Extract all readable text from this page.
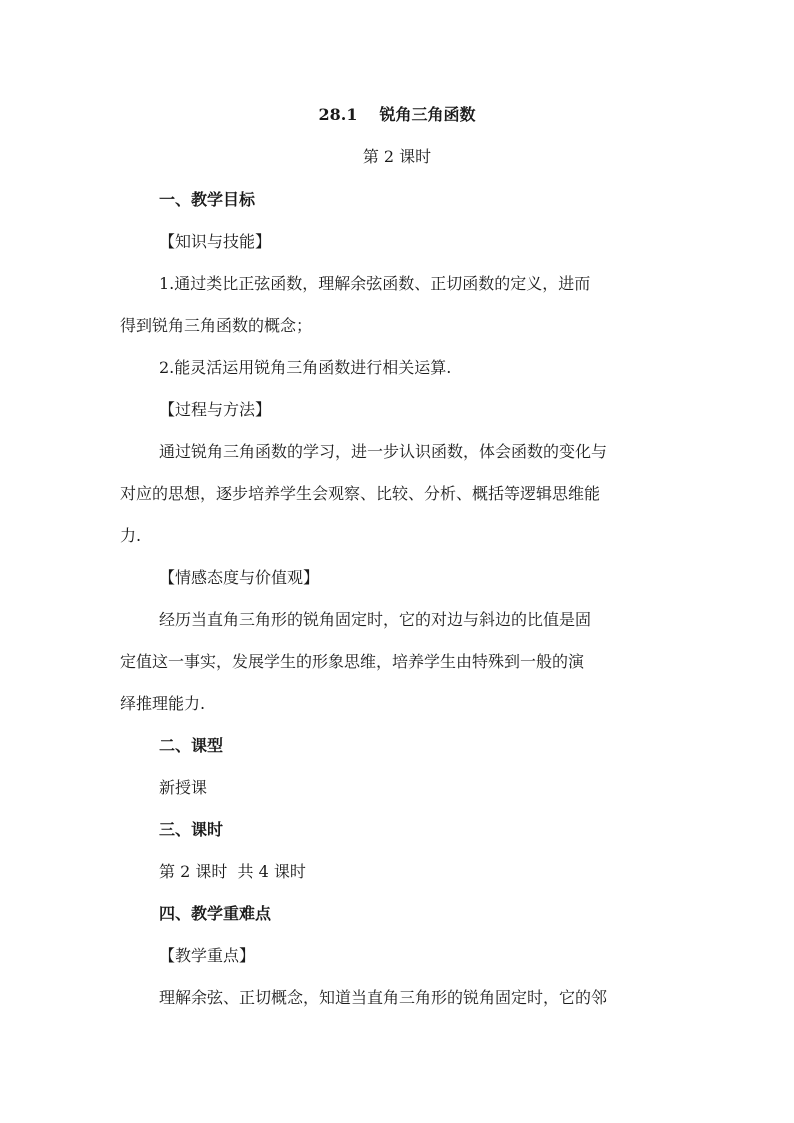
28.1 锐角三角函数
第 2 课时
一、教学目标
【知识与技能】
1.通过类比正弦函数，理解余弦函数、正切函数的定义，进而
得到锐角三角函数的概念；
2.能灵活运用锐角三角函数进行相关运算.
【过程与方法】
通过锐角三角函数的学习，进一步认识函数，体会函数的变化与
对应的思想，逐步培养学生会观察、比较、分析、概括等逻辑思维能
力.
【情感态度与价值观】
经历当直角三角形的锐角固定时，它的对边与斜边的比值是固
定值这一事实，发展学生的形象思维，培养学生由特殊到一般的演
绎推理能力.
二、课型
新授课
三、课时
第 2 课时  共 4 课时
四、教学重难点
【教学重点】
理解余弦、正切概念，知道当直角三角形的锐角固定时，它的邻
